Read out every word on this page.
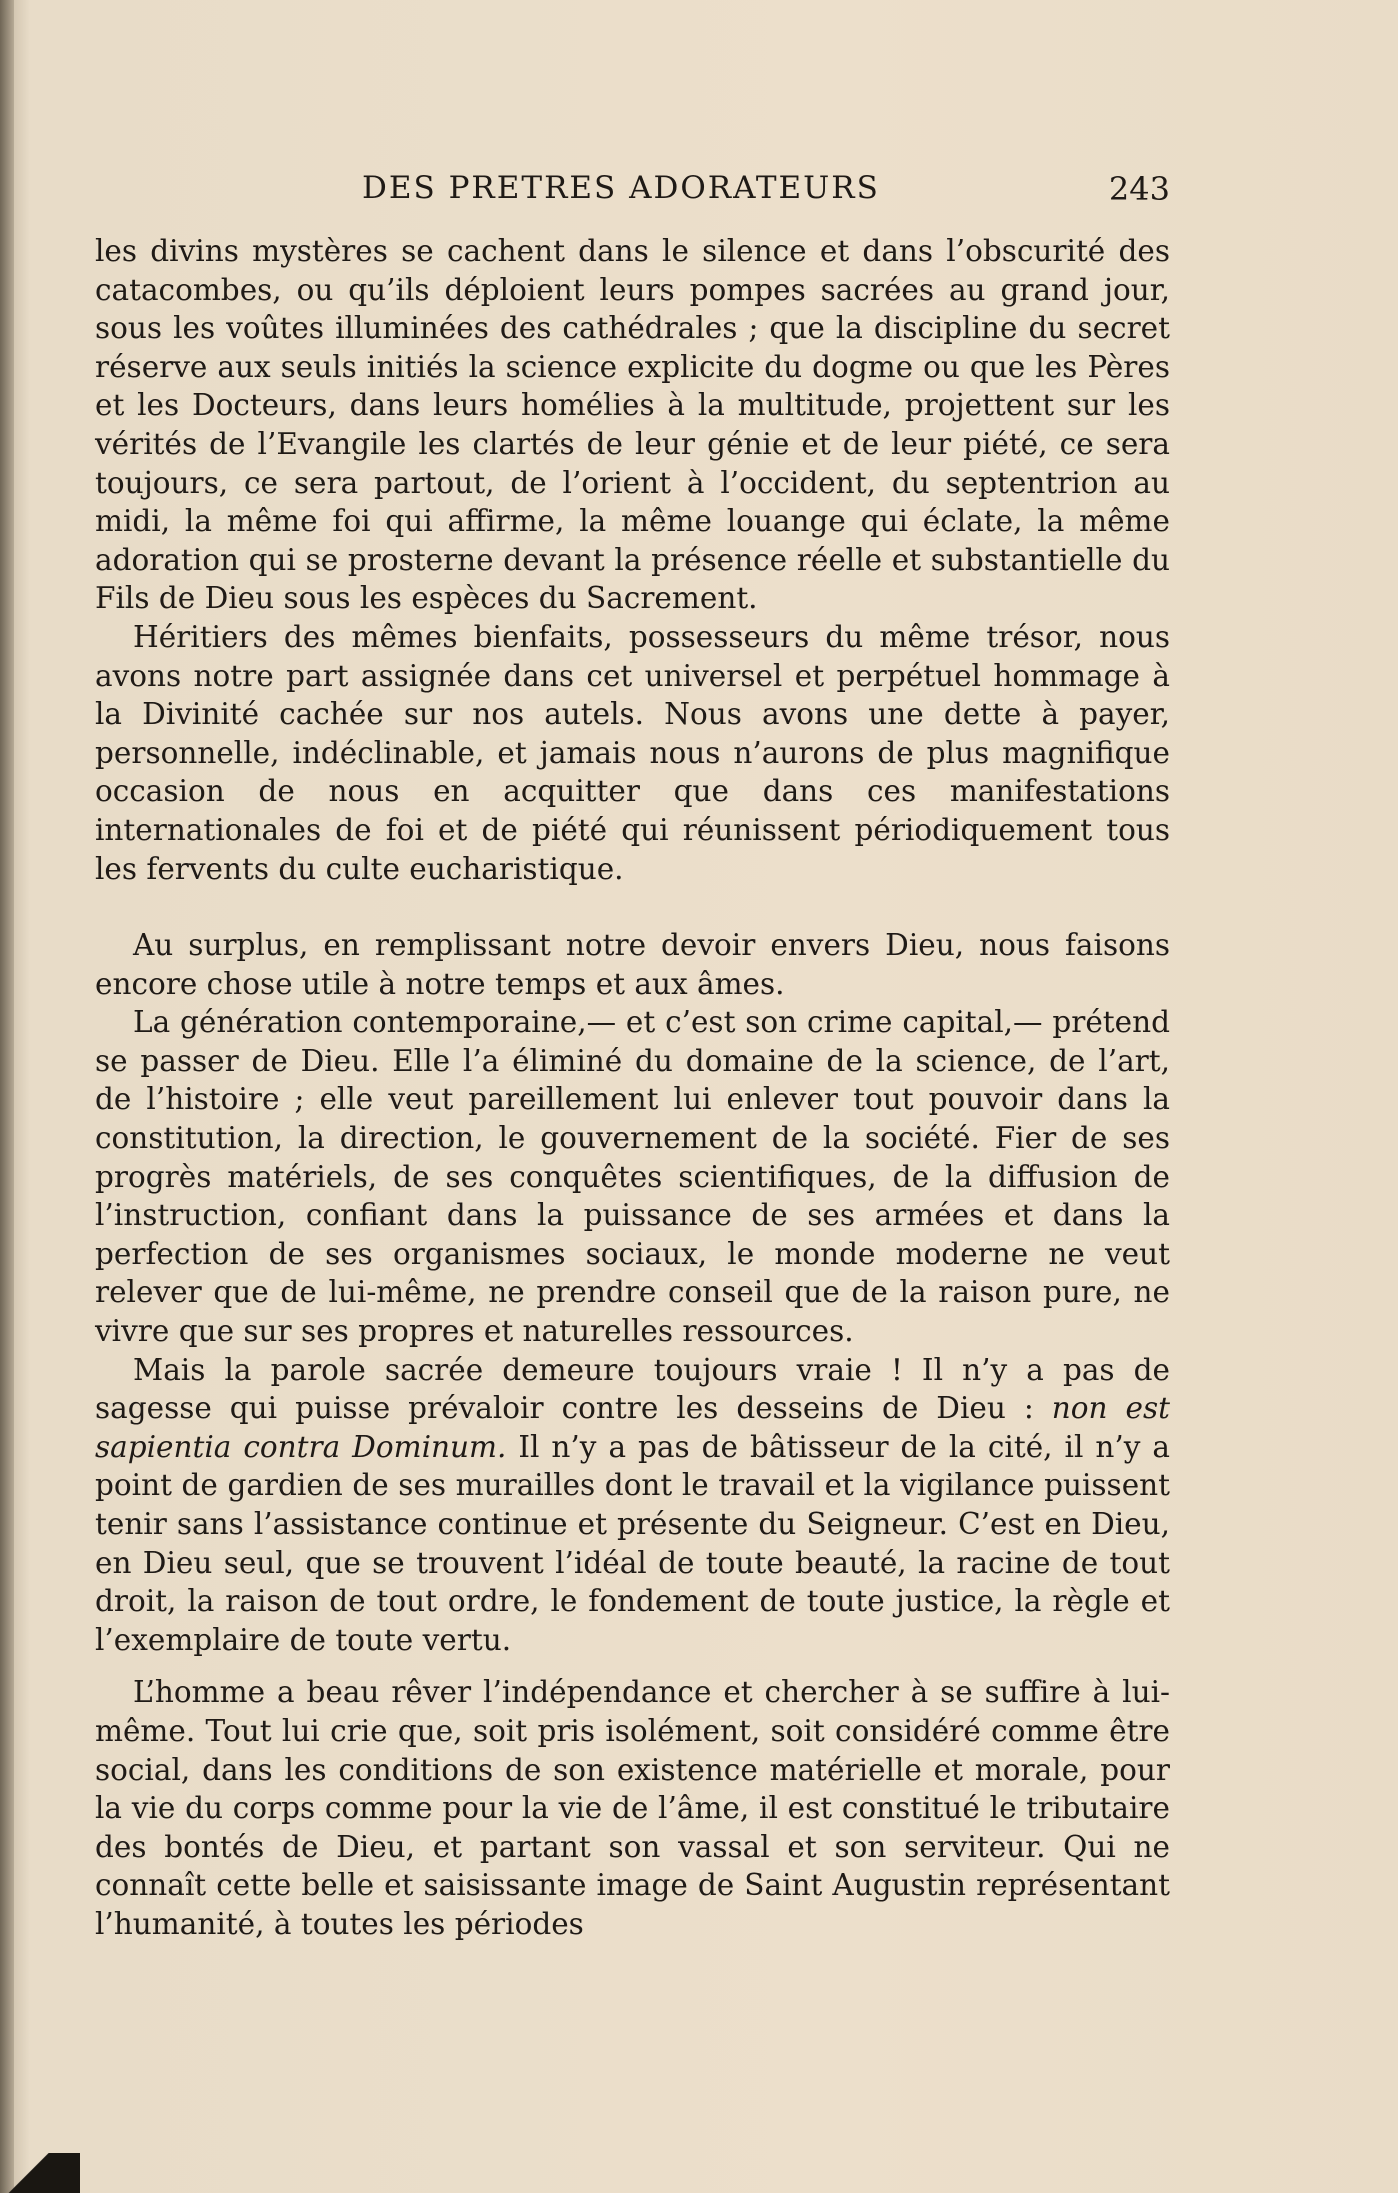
DES PRETRES ADORATEURS	243

les divins mystères se cachent dans le silence et dans l’obscurité des catacombes, ou qu’ils déploient leurs pompes sacrées au grand jour, sous les voûtes illuminées des cathédrales ; que la discipline du secret réserve aux seuls initiés la science explicite du dogme ou que les Pères et les Docteurs, dans leurs homélies à la multitude, projettent sur les vérités de l’Evangile les clartés de leur génie et de leur piété, ce sera toujours, ce sera partout, de l’orient à l’occident, du septentrion au midi, la même foi qui affirme, la même louange qui éclate, la même adoration qui se prosterne devant la présence réelle et substantielle du Fils de Dieu sous les espèces du Sacrement.

Héritiers des mêmes bienfaits, possesseurs du même trésor, nous avons notre part assignée dans cet universel et perpétuel hommage à la Divinité cachée sur nos autels. Nous avons une dette à payer, personnelle, indéclinable, et jamais nous n’aurons de plus magnifique occasion de nous en acquitter que dans ces manifestations internationales de foi et de piété qui réunissent périodiquement tous les fervents du culte eucharistique.

Au surplus, en remplissant notre devoir envers Dieu, nous faisons encore chose utile à notre temps et aux âmes.

La génération contemporaine,— et c’est son crime capital,— prétend se passer de Dieu. Elle l’a éliminé du domaine de la science, de l’art, de l’histoire ; elle veut pareillement lui enlever tout pouvoir dans la constitution, la direction, le gouvernement de la société. Fier de ses progrès matériels, de ses conquêtes scientifiques, de la diffusion de l’instruction, confiant dans la puissance de ses armées et dans la perfection de ses organismes sociaux, le monde moderne ne veut relever que de lui-même, ne prendre conseil que de la raison pure, ne vivre que sur ses propres et naturelles ressources.

Mais la parole sacrée demeure toujours vraie ! Il n’y a pas de sagesse qui puisse prévaloir contre les desseins de Dieu : non est sapientia contra Dominum. Il n’y a pas de bâtisseur de la cité, il n’y a point de gardien de ses murailles dont le travail et la vigilance puissent tenir sans l’assistance continue et présente du Seigneur. C’est en Dieu, en Dieu seul, que se trouvent l’idéal de toute beauté, la racine de tout droit, la raison de tout ordre, le fondement de toute justice, la règle et l’exemplaire de toute vertu.

L’homme a beau rêver l’indépendance et chercher à se suffire à lui-même. Tout lui crie que, soit pris isolément, soit considéré comme être social, dans les conditions de son existence matérielle et morale, pour la vie du corps comme pour la vie de l’âme, il est constitué le tributaire des bontés de Dieu, et partant son vassal et son serviteur. Qui ne connaît cette belle et saisissante image de Saint Augustin représentant l’humanité, à toutes les périodes
